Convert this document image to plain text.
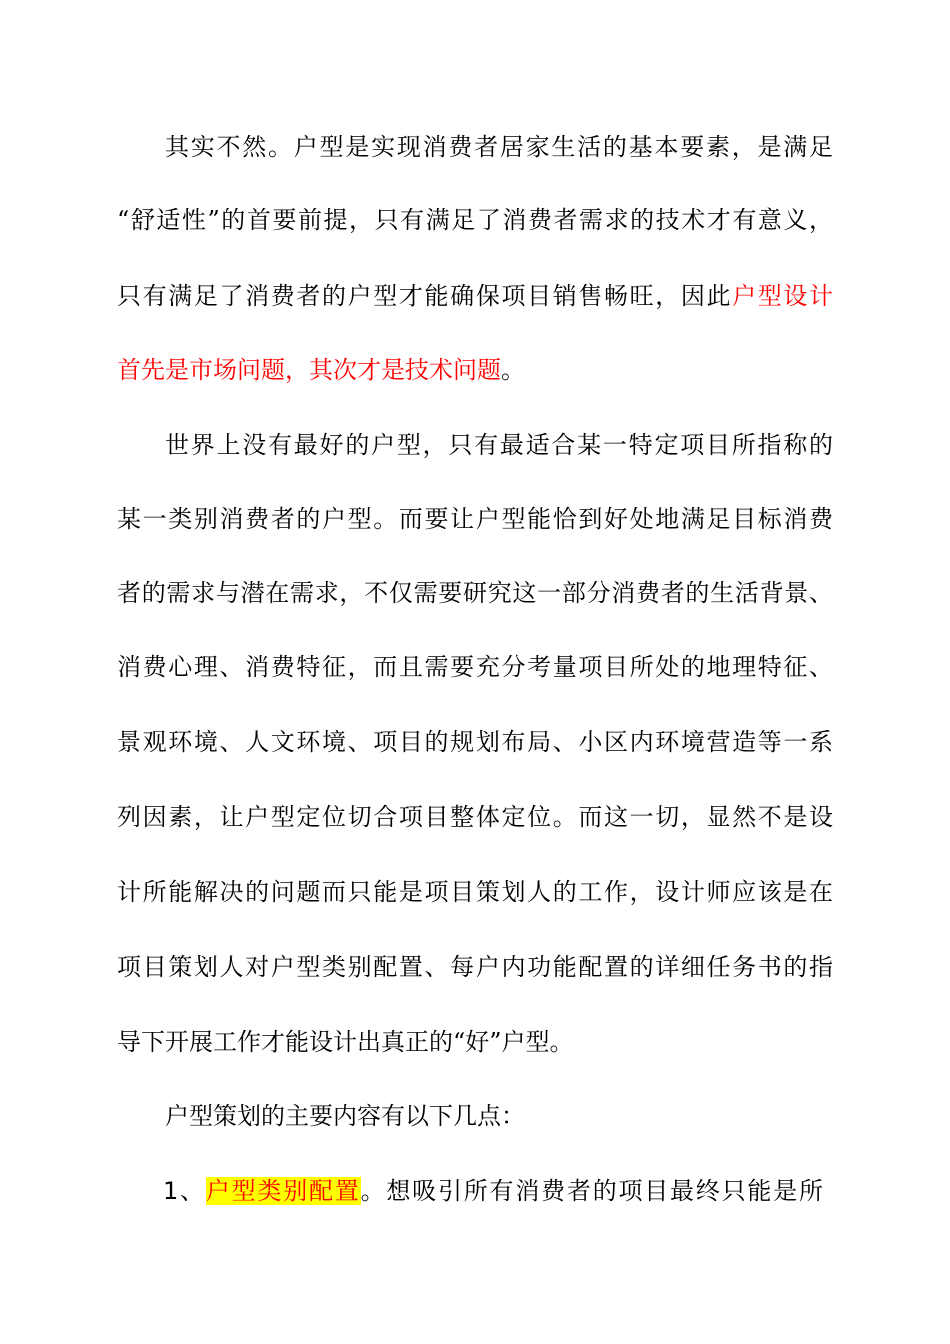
其实不然。户型是实现消费者居家生活的基本要素，是满足
“舒适性”的首要前提，只有满足了消费者需求的技术才有意义，
只有满足了消费者的户型才能确保项目销售畅旺，因此户型设计
首先是市场问题，其次才是技术问题。
世界上没有最好的户型，只有最适合某一特定项目所指称的
某一类别消费者的户型。而要让户型能恰到好处地满足目标消费
者的需求与潜在需求，不仅需要研究这一部分消费者的生活背景、
消费心理、消费特征，而且需要充分考量项目所处的地理特征、
景观环境、人文环境、项目的规划布局、小区内环境营造等一系
列因素，让户型定位切合项目整体定位。而这一切，显然不是设
计所能解决的问题而只能是项目策划人的工作，设计师应该是在
项目策划人对户型类别配置、每户内功能配置的详细任务书的指
导下开展工作才能设计出真正的“好”户型。
户型策划的主要内容有以下几点：
1、户型类别配置。想吸引所有消费者的项目最终只能是所
